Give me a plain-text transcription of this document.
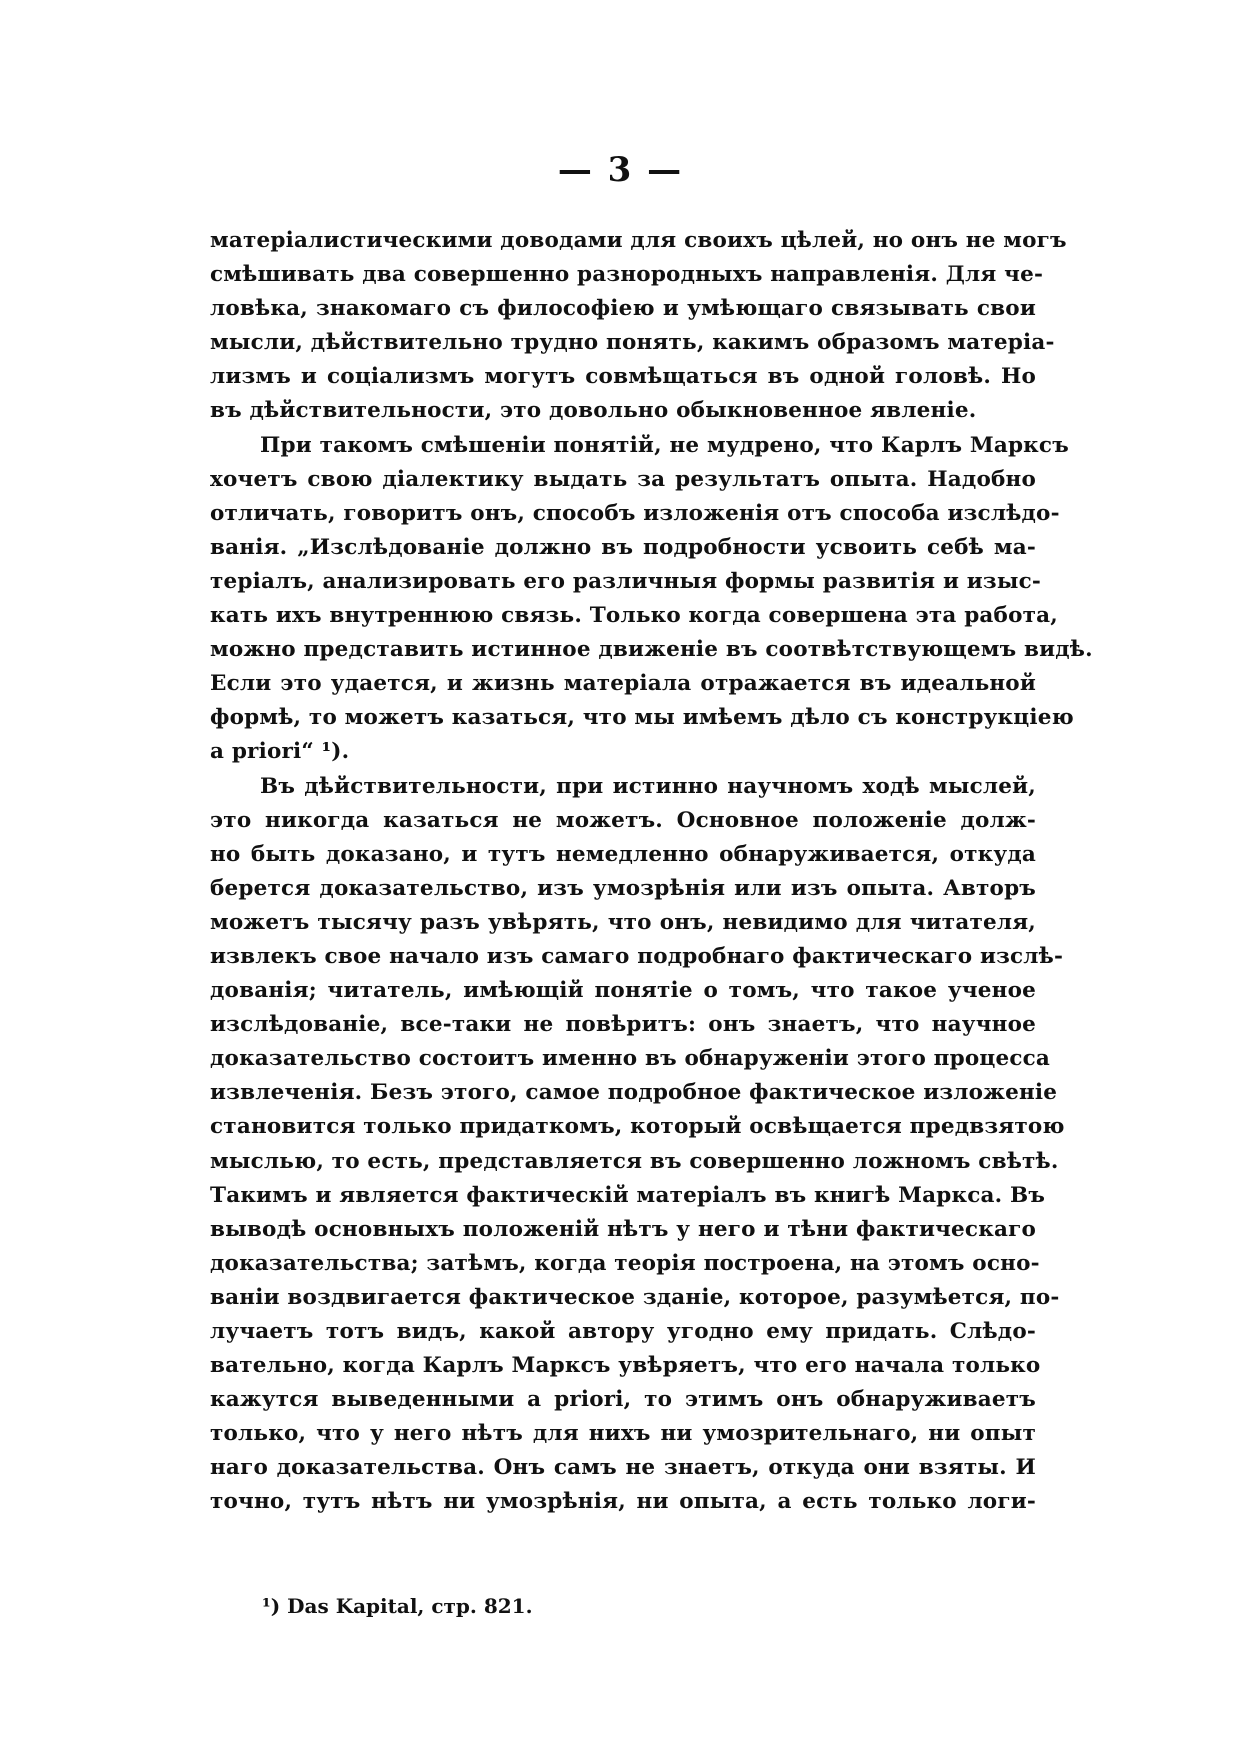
— 3 —
матеріалистическими доводами для своихъ цѣлей, но онъ не могъ
смѣшивать два совершенно разнородныхъ направленія. Для че-
ловѣка, знакомаго съ философіею и умѣющаго связывать свои
мысли, дѣйствительно трудно понять, какимъ образомъ матеріа-
лизмъ и соціализмъ могутъ совмѣщаться въ одной головѣ. Но
въ дѣйствительности, это довольно обыкновенное явленіе.
При такомъ смѣшеніи понятій, не мудрено, что Карлъ Марксъ
хочетъ свою діалектику выдать за результатъ опыта. Надобно
отличать, говоритъ онъ, способъ изложенія отъ способа изслѣдо-
ванія. „Изслѣдованіе должно въ подробности усвоить себѣ ма-
теріалъ, анализировать его различныя формы развитія и изыс-
кать ихъ внутреннюю связь. Только когда совершена эта работа,
можно представить истинное движеніе въ соотвѣтствующемъ видѣ.
Если это удается, и жизнь матеріала отражается въ идеальной
формѣ, то можетъ казаться, что мы имѣемъ дѣло съ конструкціею
a priori“ ¹).
Въ дѣйствительности, при истинно научномъ ходѣ мыслей,
это никогда казаться не можетъ. Основное положеніе долж-
но быть доказано, и тутъ немедленно обнаруживается, откуда
берется доказательство, изъ умозрѣнія или изъ опыта. Авторъ
можетъ тысячу разъ увѣрять, что онъ, невидимо для читателя,
извлекъ свое начало изъ самаго подробнаго фактическаго изслѣ-
дованія; читатель, имѣющій понятіе о томъ, что такое ученое
изслѣдованіе, все-таки не повѣритъ: онъ знаетъ, что научное
доказательство состоитъ именно въ обнаруженіи этого процесса
извлеченія. Безъ этого, самое подробное фактическое изложеніе
становится только придаткомъ, который освѣщается предвзятою
мыслью, то есть, представляется въ совершенно ложномъ свѣтѣ.
Такимъ и является фактическій матеріалъ въ книгѣ Маркса. Въ
выводѣ основныхъ положеній нѣтъ у него и тѣни фактическаго
доказательства; затѣмъ, когда теорія построена, на этомъ осно-
ваніи воздвигается фактическое зданіе, которое, разумѣется, по-
лучаетъ тотъ видъ, какой автору угодно ему придать. Слѣдо-
вательно, когда Карлъ Марксъ увѣряетъ, что его начала только
кажутся выведенными a priori, то этимъ онъ обнаруживаетъ
только, что у него нѣтъ для нихъ ни умозрительнаго, ни опыт
наго доказательства. Онъ самъ не знаетъ, откуда они взяты. И
точно, тутъ нѣтъ ни умозрѣнія, ни опыта, а есть только логи-
¹) Das Kapital, стр. 821.
